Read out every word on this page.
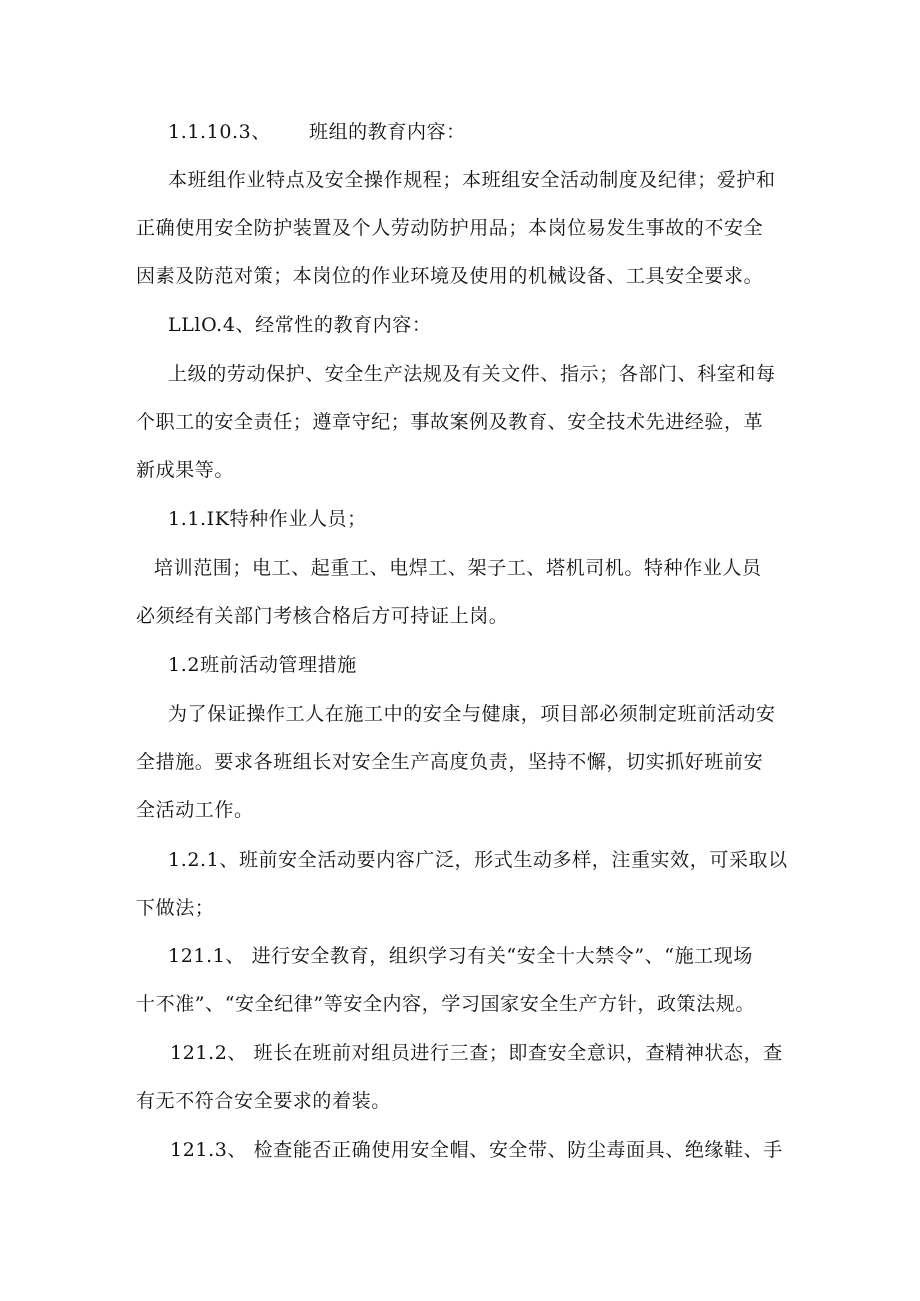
1.1.10.3、 班组的教育内容：
本班组作业特点及安全操作规程；本班组安全活动制度及纪律；爱护和
正确使用安全防护装置及个人劳动防护用品；本岗位易发生事故的不安全
因素及防范对策；本岗位的作业环境及使用的机械设备、工具安全要求。
LLlO.4、经常性的教育内容：
上级的劳动保护、安全生产法规及有关文件、指示；各部门、科室和每
个职工的安全责任；遵章守纪；事故案例及教育、安全技术先进经验，革
新成果等。
1.1.IK特种作业人员；
培训范围；电工、起重工、电焊工、架子工、塔机司机。特种作业人员
必须经有关部门考核合格后方可持证上岗。
1.2班前活动管理措施
为了保证操作工人在施工中的安全与健康，项目部必须制定班前活动安
全措施。要求各班组长对安全生产高度负责，坚持不懈，切实抓好班前安
全活动工作。
1.2.1、班前安全活动要内容广泛，形式生动多样，注重实效，可采取以
下做法；
121.1、 进行安全教育，组织学习有关“安全十大禁令”、“施工现场
十不准”、“安全纪律”等安全内容，学习国家安全生产方针，政策法规。
121.2、 班长在班前对组员进行三查；即查安全意识，查精神状态，查
有无不符合安全要求的着装。
121.3、 检查能否正确使用安全帽、安全带、防尘毒面具、绝缘鞋、手
